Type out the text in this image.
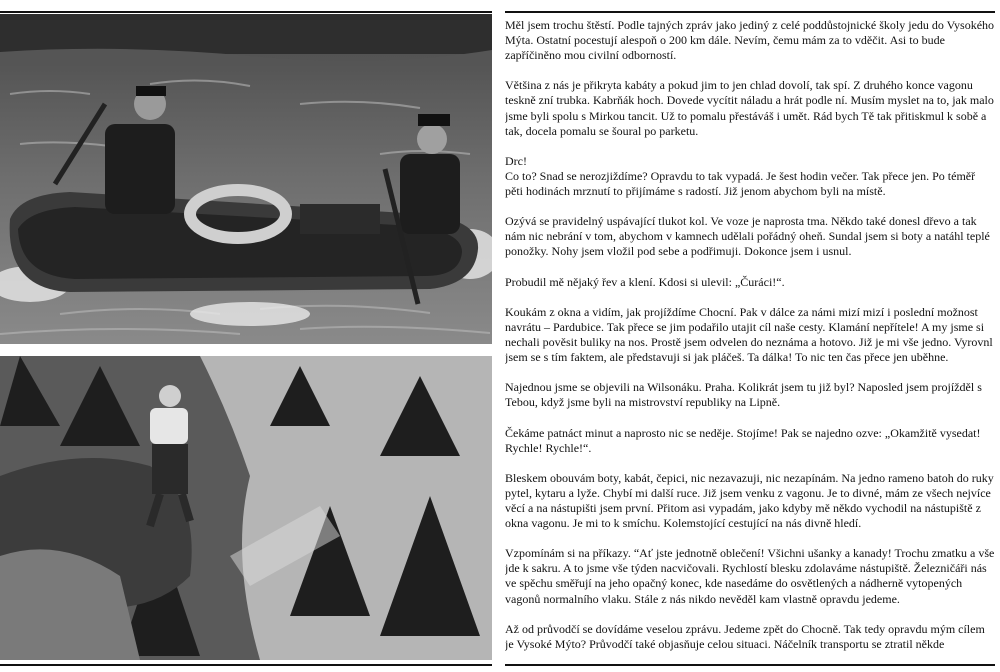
Měl jsem trochu štěstí. Podle tajných zpráv jako jediný z celé poddůstojnické školy jedu do Vysokého Mýta. Ostatní pocestují alespoň o 200 km dále. Nevím, čemu mám za to vděčit. Asi to bude zapříčiněno mou civilní odborností.

Většina z nás je přikryta kabáty a pokud jim to jen chlad dovolí, tak spí. Z druhého konce vagonu teskně zní trubka. Kabrňák hoch. Dovede vycítit náladu a hrát podle ní. Musím myslet na to, jak malo jsme byli spolu s Mirkou tancit. Už to pomalu přestáváš i umět. Rád bych Tě tak přitiskmul k sobě a tak, docela pomalu se šoural po parketu.

Drc!
Co to? Snad se nerozjiždíme? Opravdu to tak vypadá. Je šest hodin večer. Tak přece jen. Po téměř pěti hodinách mrznutí to přijímáme s radostí. Již jenom abychom byli na místě.

Ozývá se pravidelný uspávající tlukot kol. Ve voze je naprosta tma. Někdo také donesl dřevo a tak nám nic nebrání v tom, abychom v kamnech udělali pořádný oheň. Sundal jsem si boty a natáhl teplé ponožky. Nohy jsem vložil pod sebe a podřimuji. Dokonce jsem i usnul.

Probudil mě nějaký řev a klení. Kdosi si ulevil: „Čuráci!“.

Koukám z okna a vidím, jak projíždíme Chocní. Pak v dálce za námi mizí mizí i poslední možnost navrátu – Pardubice. Tak přece se jim podařilo utajit cíl naše cesty. Klamání nepřítele! A my jsme si nechali pověsit buliky na nos. Prostě jsem odvelen do neznáma a hotovo. Již je mi vše jedno. Vyrovnl jsem se s tím faktem, ale představuji si jak pláčeš. Ta dálka! To nic ten čas přece jen uběhne.

Najednou jsme se objevili na Wilsonáku. Praha. Kolikrát jsem tu již byl? Naposled jsem projížděl s Tebou, když jsme byli na mistrovství republiky na Lipně.

Čekáme patnáct minut a naprosto nic se neděje. Stojíme! Pak se najedno ozve: „Okamžitě vysedat! Rychle! Rychle!“.

Bleskem obouvám boty, kabát, čepici, nic nezavazuji, nic nezapínám. Na jedno rameno batoh do ruky pytel, kytaru a lyže. Chybí mi další ruce. Již jsem venku z vagonu. Je to divné, mám ze všech nejvíce věcí a na nástupišti jsem první. Přitom asi vypadám, jako kdyby mě někdo vychodil na nástupiště z okna vagonu. Je mi to k smíchu. Kolemstojící cestující na nás divně hledí.

Vzpomínám si na příkazy. “Ať jste jednotně oblečení! Všichni ušanky a kanady! Trochu zmatku a vše jde k sakru. A to jsme vše týden nacvičovali. Rychlostí blesku zdolaváme nástupiště. Železničáři nás ve spěchu směřují na jeho opačný konec, kde nasedáme do osvětlených a nádherně vytopených vagonů normalního vlaku. Stále z nás nikdo nevěděl kam vlastně opravdu jedeme.

Až od průvodčí se dovídáme veselou zprávu. Jedeme zpět do Chocně. Tak tedy opravdu mým cílem je Vysoké Mýto? Průvodčí také objasňuje celou situaci. Náčelník transportu se ztratil někde
